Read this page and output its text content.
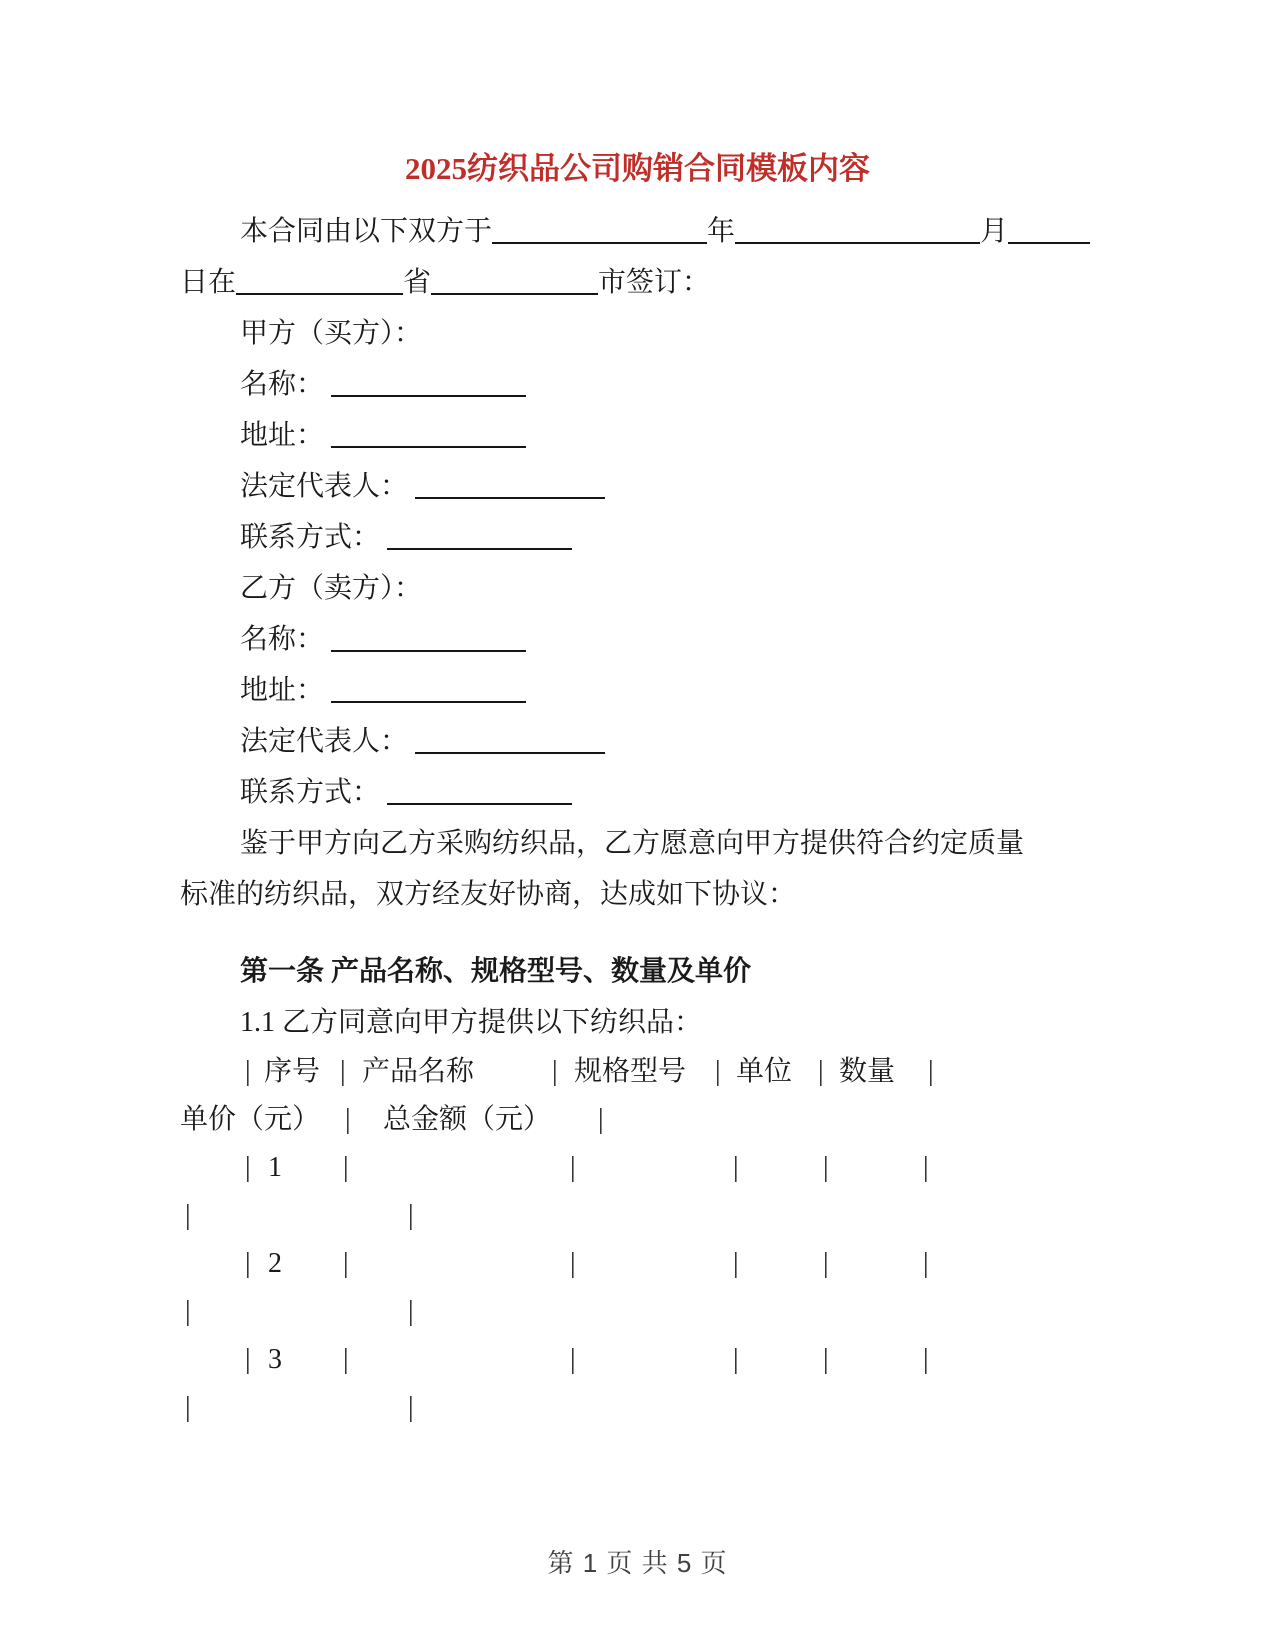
2025纺织品公司购销合同模板内容
本合同由以下双方于	年	月
日在	省	市签订：
甲方（买方）：
名称：
地址：
法定代表人：
联系方式：
乙方（卖方）：
名称：
地址：
法定代表人：
联系方式：
鉴于甲方向乙方采购纺织品，乙方愿意向甲方提供符合约定质量
标准的纺织品，双方经友好协商，达成如下协议：
第一条 产品名称、规格型号、数量及单价
1.1 乙方同意向甲方提供以下纺织品：
| 序号 | 产品名称	| 规格型号 | 单位 | 数量 |
单价（元） | 总金额（元） |
| 1 |	|	|	|	|
|	|
| 2 |	|	|	|	|
|	|
| 3 |	|	|	|	|
|	|
第 1 页 共 5 页
